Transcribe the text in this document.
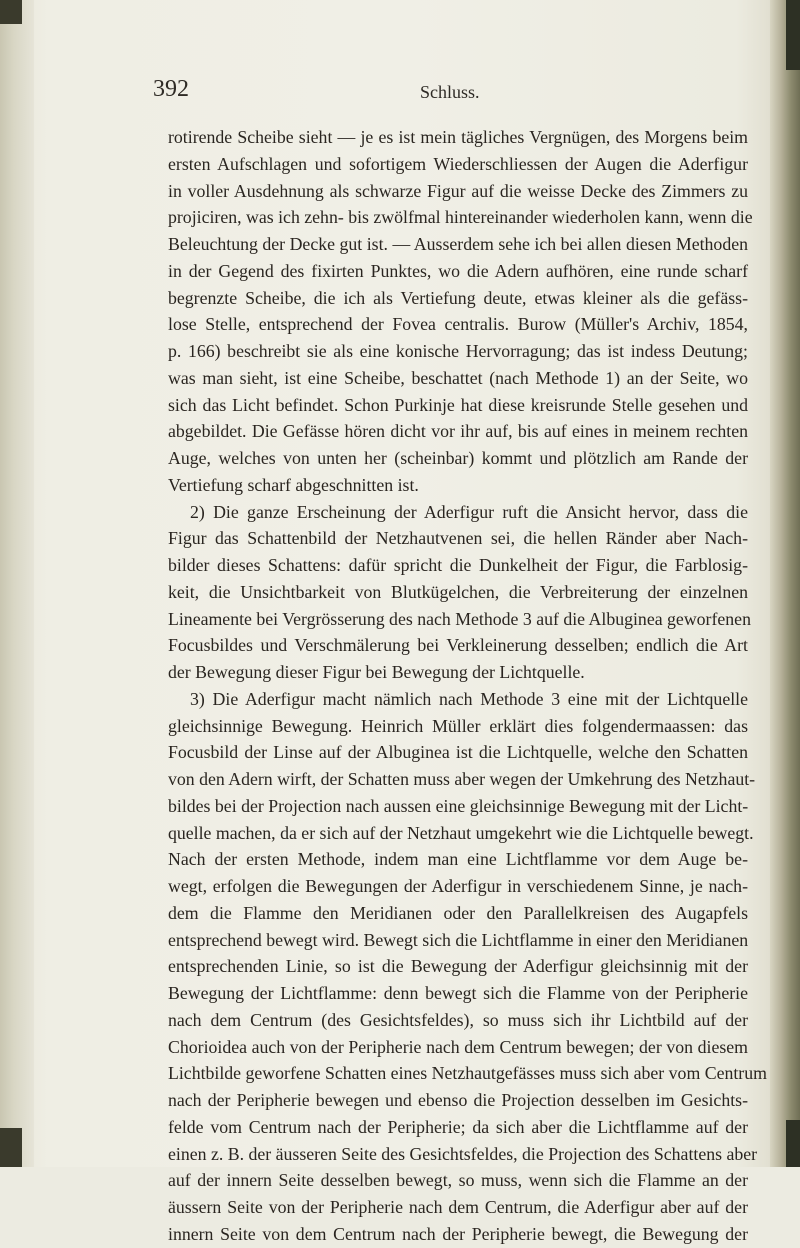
392	Schluss.
rotirende Scheibe sieht — je es ist mein tägliches Vergnügen, des Morgens beim
ersten Aufschlagen und sofortigem Wiederschliessen der Augen die Aderfigur
in voller Ausdehnung als schwarze Figur auf die weisse Decke des Zimmers zu
projiciren, was ich zehn- bis zwölfmal hintereinander wiederholen kann, wenn die
Beleuchtung der Decke gut ist. — Ausserdem sehe ich bei allen diesen Methoden
in der Gegend des fixirten Punktes, wo die Adern aufhören, eine runde scharf
begrenzte Scheibe, die ich als Vertiefung deute, etwas kleiner als die gefäss-
lose Stelle, entsprechend der Fovea centralis. Burow (Müller's Archiv, 1854,
p. 166) beschreibt sie als eine konische Hervorragung; das ist indess Deutung;
was man sieht, ist eine Scheibe, beschattet (nach Methode 1) an der Seite, wo
sich das Licht befindet. Schon Purkinje hat diese kreisrunde Stelle gesehen und
abgebildet. Die Gefässe hören dicht vor ihr auf, bis auf eines in meinem rechten
Auge, welches von unten her (scheinbar) kommt und plötzlich am Rande der
Vertiefung scharf abgeschnitten ist.
2) Die ganze Erscheinung der Aderfigur ruft die Ansicht hervor, dass die
Figur das Schattenbild der Netzhautvenen sei, die hellen Ränder aber Nach-
bilder dieses Schattens: dafür spricht die Dunkelheit der Figur, die Farblosig-
keit, die Unsichtbarkeit von Blutkügelchen, die Verbreiterung der einzelnen
Lineamente bei Vergrösserung des nach Methode 3 auf die Albuginea geworfenen
Focusbildes und Verschmälerung bei Verkleinerung desselben; endlich die Art
der Bewegung dieser Figur bei Bewegung der Lichtquelle.
3) Die Aderfigur macht nämlich nach Methode 3 eine mit der Lichtquelle
gleichsinnige Bewegung. Heinrich Müller erklärt dies folgendermaassen: das
Focusbild der Linse auf der Albuginea ist die Lichtquelle, welche den Schatten
von den Adern wirft, der Schatten muss aber wegen der Umkehrung des Netzhaut-
bildes bei der Projection nach aussen eine gleichsinnige Bewegung mit der Licht-
quelle machen, da er sich auf der Netzhaut umgekehrt wie die Lichtquelle bewegt.
Nach der ersten Methode, indem man eine Lichtflamme vor dem Auge be-
wegt, erfolgen die Bewegungen der Aderfigur in verschiedenem Sinne, je nach-
dem die Flamme den Meridianen oder den Parallelkreisen des Augapfels
entsprechend bewegt wird. Bewegt sich die Lichtflamme in einer den Meridianen
entsprechenden Linie, so ist die Bewegung der Aderfigur gleichsinnig mit der
Bewegung der Lichtflamme: denn bewegt sich die Flamme von der Peripherie
nach dem Centrum (des Gesichtsfeldes), so muss sich ihr Lichtbild auf der
Chorioidea auch von der Peripherie nach dem Centrum bewegen; der von diesem
Lichtbilde geworfene Schatten eines Netzhautgefässes muss sich aber vom Centrum
nach der Peripherie bewegen und ebenso die Projection desselben im Gesichts-
felde vom Centrum nach der Peripherie; da sich aber die Lichtflamme auf der
einen z. B. der äusseren Seite des Gesichtsfeldes, die Projection des Schattens aber
auf der innern Seite desselben bewegt, so muss, wenn sich die Flamme an der
äussern Seite von der Peripherie nach dem Centrum, die Aderfigur aber auf der
innern Seite von dem Centrum nach der Peripherie bewegt, die Bewegung der
